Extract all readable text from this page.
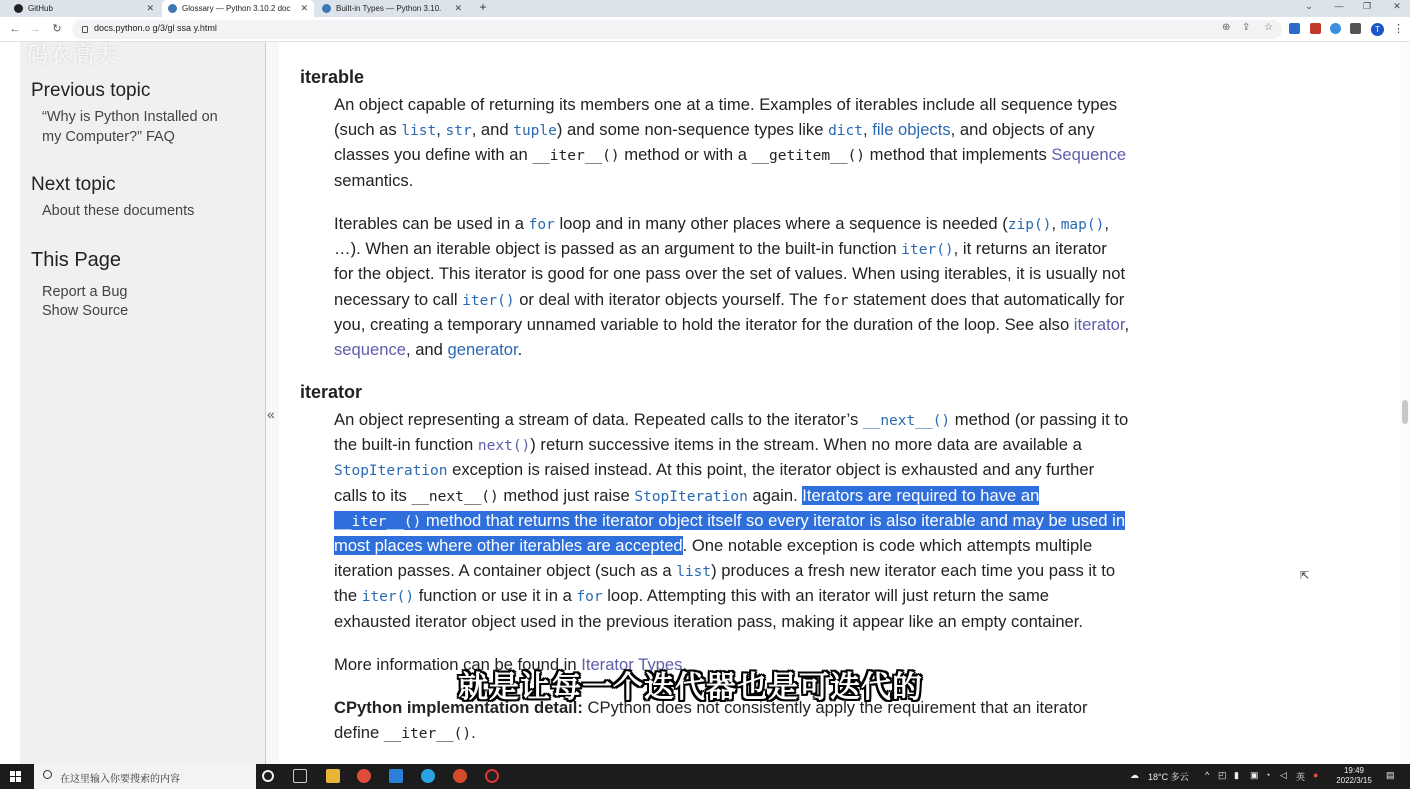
GitHub	✕	Glossary — Python 3.10.2 doc	✕	Built-in Types — Python 3.10.	✕ +	⌄	—	❐	✕
← → ↻	docs.python.o g/3/gl ssa y.html	⊕ ⇪ ☆	T	⋮
Previous topic
“Why is Python Installed on
my Computer?” FAQ
Next topic
About these documents
This Page
Report a Bug
Show Source
«
码农高夫
iterable
An object capable of returning its members one at a time. Examples of iterables include all sequence types
(such as list, str, and tuple) and some non-sequence types like dict, file objects, and objects of any
classes you define with an __iter__() method or with a __getitem__() method that implements Sequence
semantics.
Iterables can be used in a for loop and in many other places where a sequence is needed (zip(), map(),
…). When an iterable object is passed as an argument to the built-in function iter(), it returns an iterator
for the object. This iterator is good for one pass over the set of values. When using iterables, it is usually not
necessary to call iter() or deal with iterator objects yourself. The for statement does that automatically for
you, creating a temporary unnamed variable to hold the iterator for the duration of the loop. See also iterator,
sequence, and generator.
iterator
An object representing a stream of data. Repeated calls to the iterator’s __next__() method (or passing it to
the built-in function next()) return successive items in the stream. When no more data are available a
StopIteration exception is raised instead. At this point, the iterator object is exhausted and any further
calls to its __next__() method just raise StopIteration again. Iterators are required to have an
__iter__() method that returns the iterator object itself so every iterator is also iterable and may be used in
most places where other iterables are accepted. One notable exception is code which attempts multiple
iteration passes. A container object (such as a list) produces a fresh new iterator each time you pass it to
the iter() function or use it in a for loop. Attempting this with an iterator will just return the same
exhausted iterator object used in the previous iteration pass, making it appear like an empty container.
More information can be found in Iterator Types.
CPython implementation detail: CPython does not consistently apply the requirement that an iterator
define __iter__().
就是让每一个迭代器也是可迭代的
⇱
在这里输入你要搜索的内容	☁ 18°C 多云 ^ ◰ ▮ ▣ ◔ ◁ 英 ●	19:49
2022/3/15
▤
